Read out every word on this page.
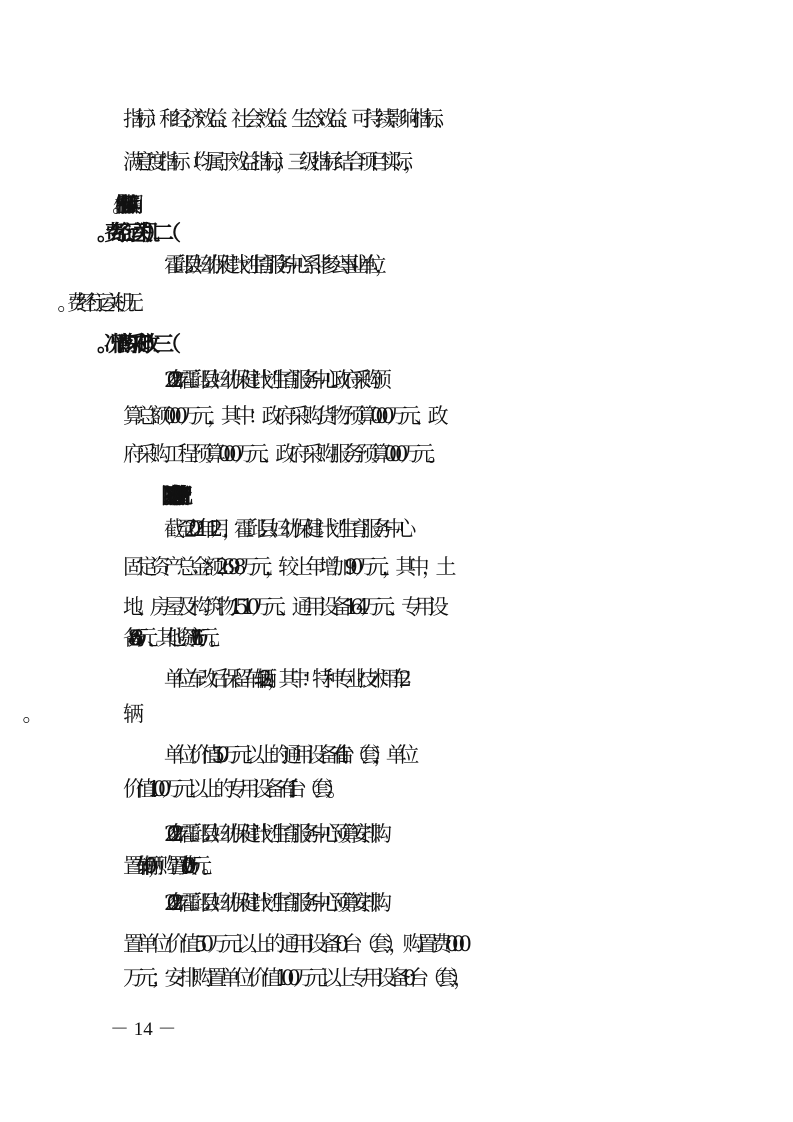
指标）和经济效益、社会效益、生态效益、可持续影响指标、
满意度指标（均属于效益指标），三级指标结合项目实际，
霍邱县妇幼保健计划生育服务中心系非参公事业单位，
2022 年霍邱县妇幼保健计划生育服务中心政府采购预
算总额 0.00 万元，其中：政府采购货物预算 0.00 万元、政
府采购工程预算 0.00 万元、政府采购服务预算 0.00 万元。
（四）国有资产占有使用情况。
截至 2021 年 12 月，霍邱县妇幼保健计划生育服务中心
固定资产总金额 2698 万元，较上年增加 90 万元，其中，土
地、房屋及构筑物 1510 万元、通用设备 164 万元、专用设
备 863 万元、其他资产 161 万元。
单位车改后保留车辆  2  辆，其中：特种专业技术用车 2
单位价值 50 万元以上的通用设备有   1    台（套），单位
价值 100 万元以上的专用设备有   1    台（套）。
2022 年霍邱县妇幼保健计划生育服务中心预算安排购
置车辆  0  辆，购置费 0.00 万元。
2022 年霍邱县妇幼保健计划生育服务中心预算安排购
置单位价值 50 万元以上的通用设备  0  台（套），购置费 0.00
万元；安排购置单位价值 100 万元以上专用设备  0  台（套），
－ 14 －
